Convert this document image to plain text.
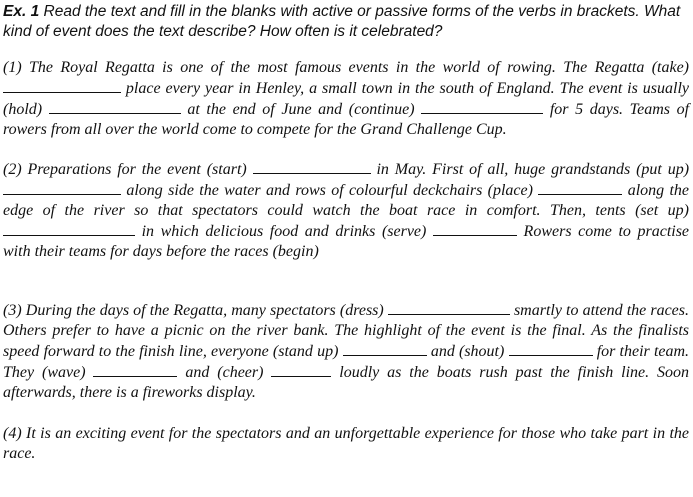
Ex. 1 Read the text and fill in the blanks with active or passive forms of the verbs in brackets. What kind of event does the text describe? How often is it celebrated?

(1) The Royal Regatta is one of the most famous events in the world of rowing. The Regatta (take)  place every year in Henley, a small town in the south of England. The event is usually (hold)	at the end of June and (continue)	for 5 days. Teams of rowers from all over the world come to compete for the Grand Challenge Cup.

(2) Preparations for the event (start)	in May. First of all, huge grandstands (put up)  along side the water and rows of colourful deckchairs (place)	along the edge of the river so that spectators could watch the boat race in comfort. Then, tents (set up)  in which delicious food and drinks (serve)	Rowers come to practise with their teams for days before the races (begin)

(3) During the days of the Regatta, many spectators (dress)	smartly to attend the races. Others prefer to have a picnic on the river bank. The highlight of the event is the final. As the finalists speed forward to the finish line, everyone (stand up)	and (shout)	for their team. They (wave)	and (cheer)	loudly as the boats rush past the finish line. Soon afterwards, there is a fireworks display.

(4) It is an exciting event for the spectators and an unforgettable experience for those who take part in the race.
